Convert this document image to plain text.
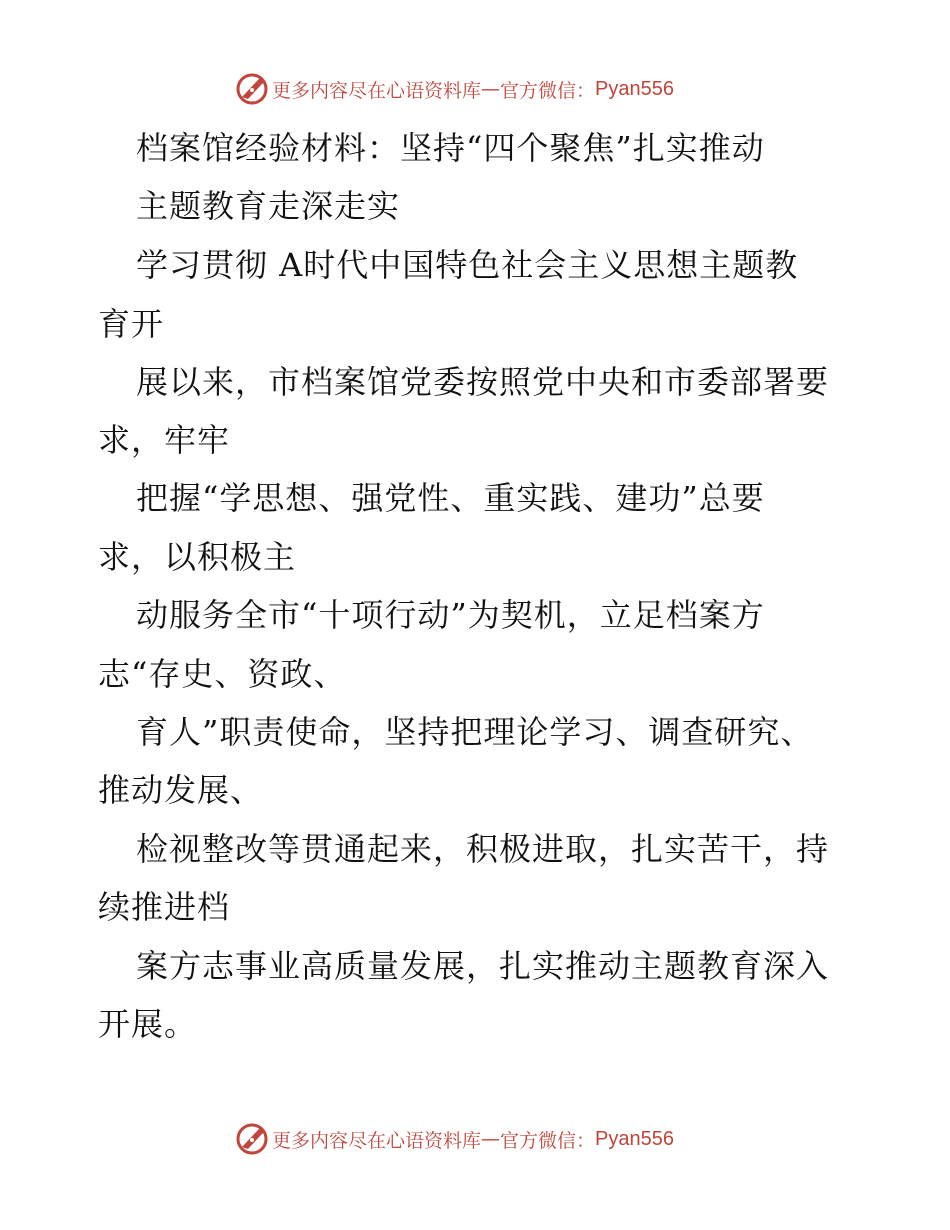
更多内容尽在心语资料库 — 官方微信： Pyan556
档案馆经验材料：坚持“四个聚焦”扎实推动
主题教育走深走实
学习贯彻 A时代中国特色社会主义思想主题教
育开
展以来，市档案馆党委按照党中央和市委部署要
求，牢牢
把握“学思想、强党性、重实践、建功”总要
求，以积极主
动服务全市“十项行动”为契机，立足档案方
志“存史、资政、
育人”职责使命，坚持把理论学习、调查研究、
推动发展、
检视整改等贯通起来，积极进取，扎实苦干，持
续推进档
案方志事业高质量发展，扎实推动主题教育深入
开展。
更多内容尽在心语资料库 — 官方微信： Pyan556
